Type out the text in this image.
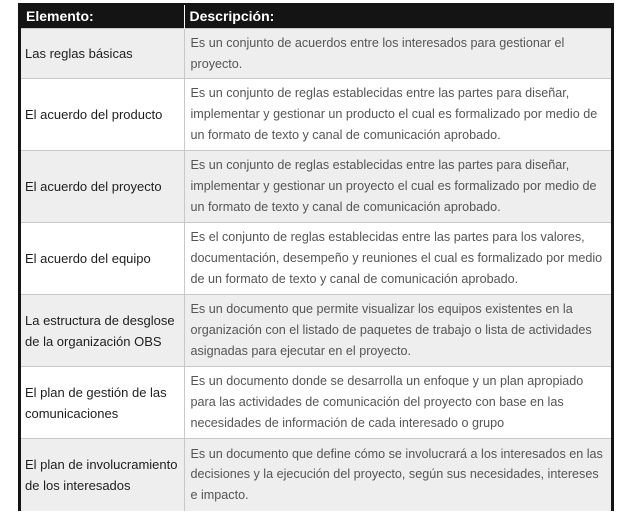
Elemento:	Descripción:
Las reglas básicas	Es un conjunto de acuerdos entre los interesados para gestionar el proyecto.
El acuerdo del producto	Es un conjunto de reglas establecidas entre las partes para diseñar, implementar y gestionar un producto el cual es formalizado por medio de un formato de texto y canal de comunicación aprobado.
El acuerdo del proyecto	Es un conjunto de reglas establecidas entre las partes para diseñar, implementar y gestionar un proyecto el cual es formalizado por medio de un formato de texto y canal de comunicación aprobado.
El acuerdo del equipo	Es el conjunto de reglas establecidas entre las partes para los valores, documentación, desempeño y reuniones el cual es formalizado por medio de un formato de texto y canal de comunicación aprobado.
La estructura de desglose de la organización OBS	Es un documento que permite visualizar los equipos existentes en la organización con el listado de paquetes de trabajo o lista de actividades asignadas para ejecutar en el proyecto.
El plan de gestión de las comunicaciones	Es un documento donde se desarrolla un enfoque y un plan apropiado para las actividades de comunicación del proyecto con base en las necesidades de información de cada interesado o grupo
El plan de involucramiento de los interesados	Es un documento que define cómo se involucrará a los interesados en las decisiones y la ejecución del proyecto, según sus necesidades, intereses e impacto.
